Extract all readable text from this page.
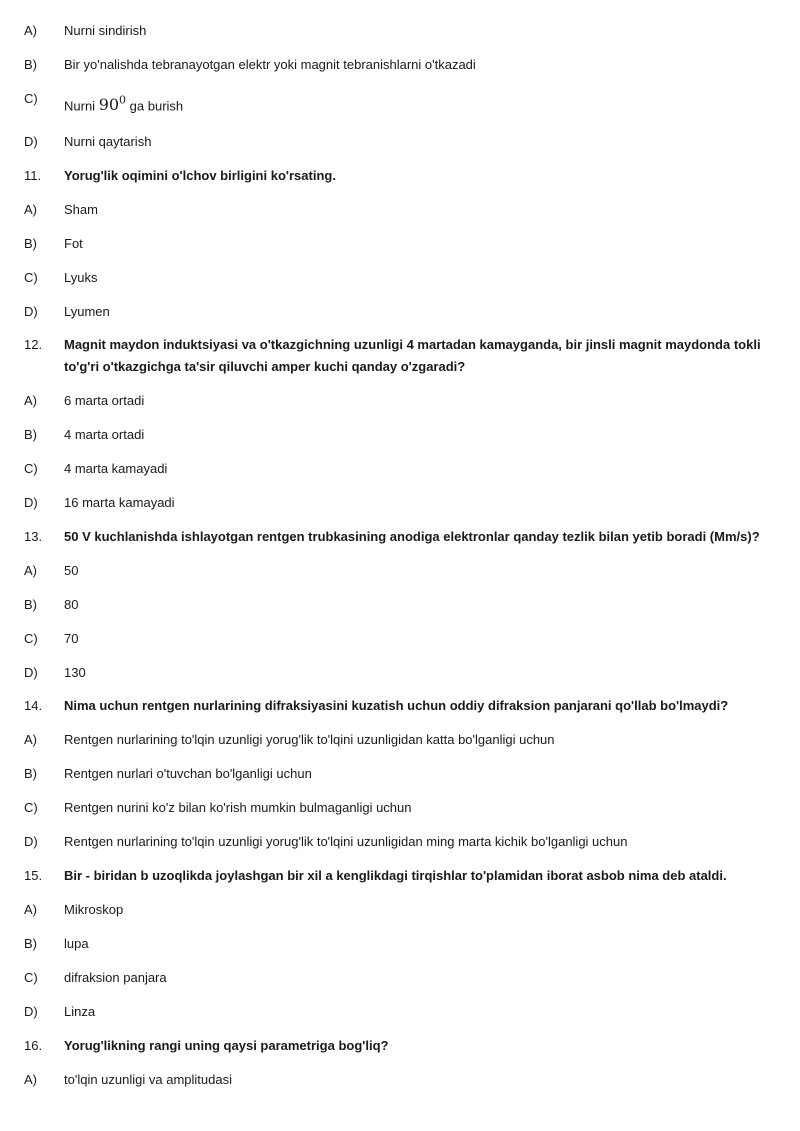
A) Nurni sindirish
B) Bir yo'nalishda tebranayotgan elektr yoki magnit tebranishlarni o'tkazadi
C) Nurni $90^0$ ga burish
D) Nurni qaytarish
11. Yorug'lik oqimini o'lchov birligini ko'rsating.
A) Sham
B) Fot
C) Lyuks
D) Lyumen
12. Magnit maydon induktsiyasi va o'tkazgichning uzunligi 4 martadan kamayganda, bir jinsli magnit maydonda tokli to'g'ri o'tkazgichga ta'sir qiluvchi amper kuchi qanday o'zgaradi?
A) 6 marta ortadi
B) 4 marta ortadi
C) 4 marta kamayadi
D) 16 marta kamayadi
13. 50 V kuchlanishda ishlayotgan rentgen trubkasining anodiga elektronlar qanday tezlik bilan yetib boradi (Mm/s)?
A) 50
B) 80
C) 70
D) 130
14. Nima uchun rentgen nurlarining difraksiyasini kuzatish uchun oddiy difraksion panjarani qo'llab bo'lmaydi?
A) Rentgen nurlarining to'lqin uzunligi yorug'lik to'lqini uzunligidan katta bo'lganligi uchun
B) Rentgen nurlari o'tuvchan bo'lganligi uchun
C) Rentgen nurini ko'z bilan ko'rish mumkin bulmaganligi uchun
D) Rentgen nurlarining to'lqin uzunligi yorug'lik to'lqini uzunligidan ming marta kichik bo'lganligi uchun
15. Bir - biridan b uzoqlikda joylashgan bir xil a kenglikdagi tirqishlar to'plamidan iborat asbob nima deb ataldi.
A) Mikroskop
B) lupa
C) difraksion panjara
D) Linza
16. Yorug'likning rangi uning qaysi parametriga bog'liq?
A) to'lqin uzunligi va amplitudasi
